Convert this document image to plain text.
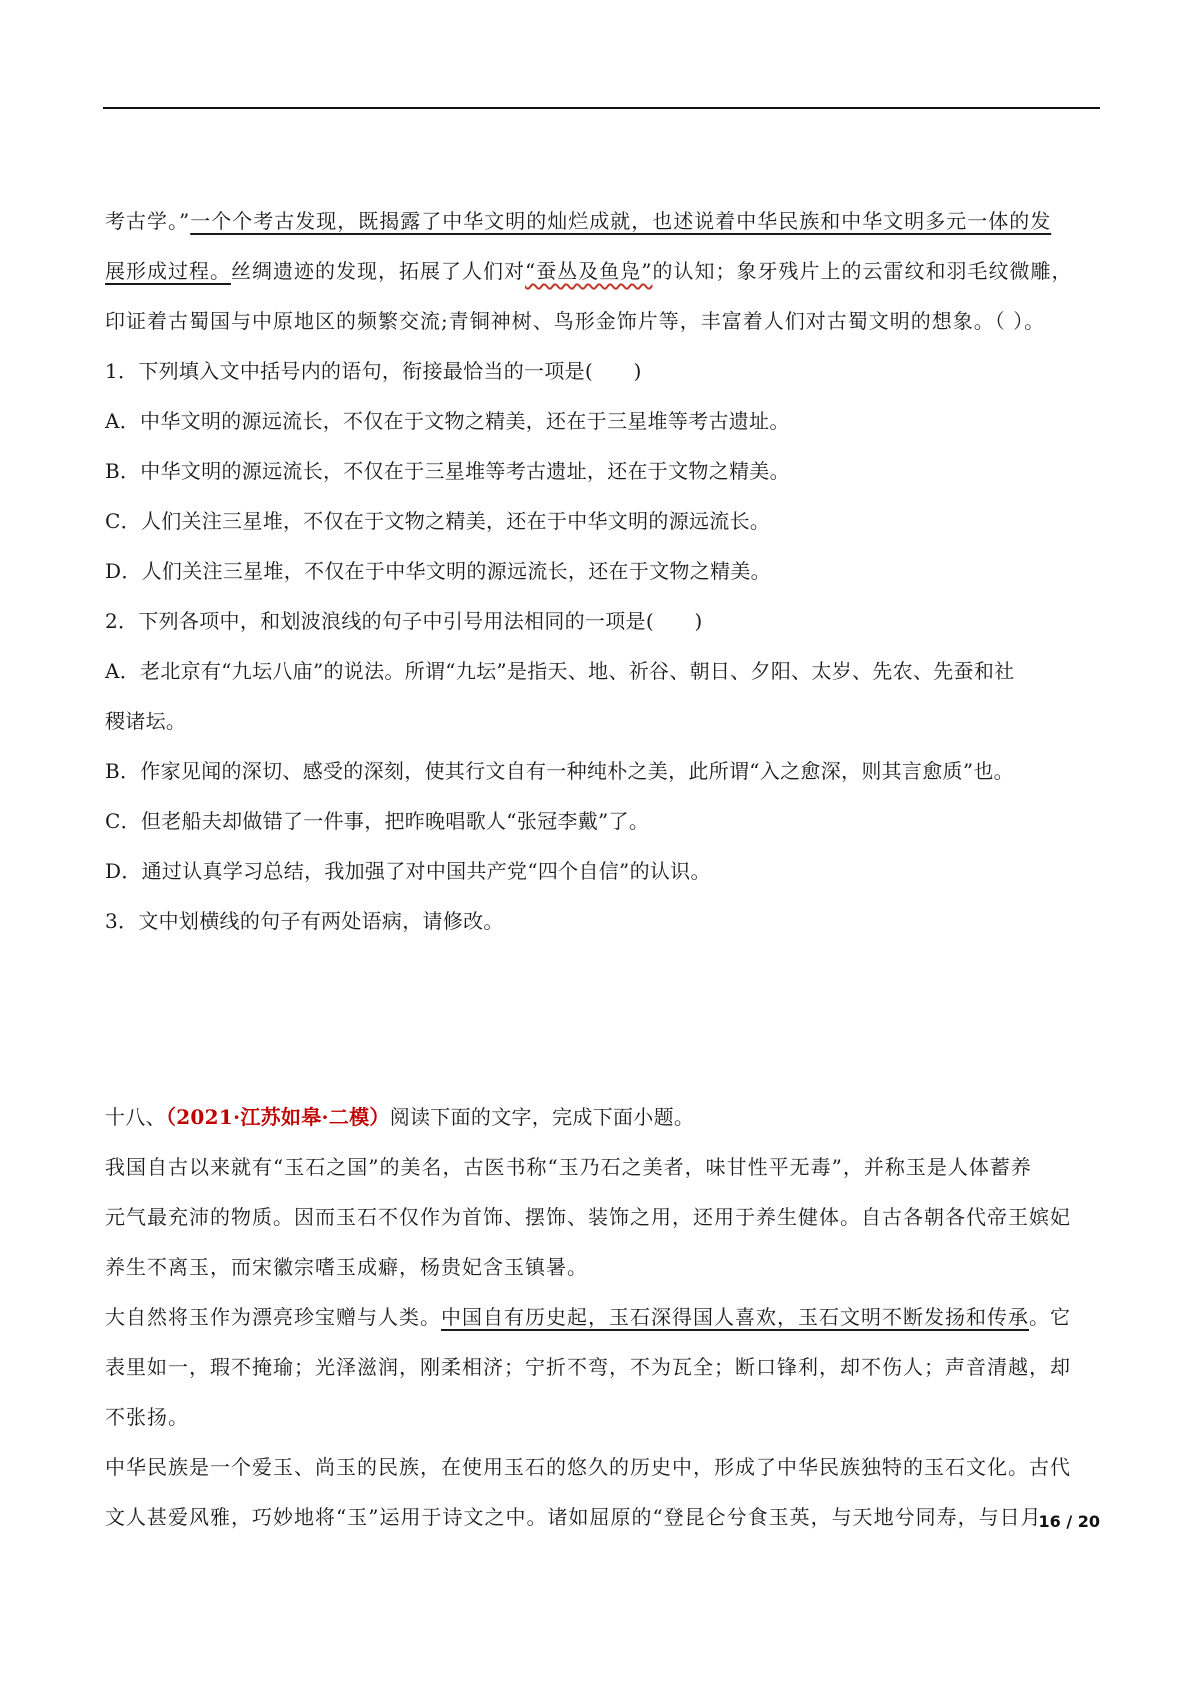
考古学。”一个个考古发现，既揭露了中华文明的灿烂成就，也述说着中华民族和中华文明多元一体的发

展形成过程。丝绸遗迹的发现，拓展了人们对“蚕丛及鱼凫”的认知；象牙残片上的云雷纹和羽毛纹微雕，

印证着古蜀国与中原地区的频繁交流;青铜神树、鸟形金饰片等，丰富着人们对古蜀文明的想象。（ ）。

1．下列填入文中括号内的语句，衔接最恰当的一项是(　　)

A．中华文明的源远流长，不仅在于文物之精美，还在于三星堆等考古遗址。

B．中华文明的源远流长，不仅在于三星堆等考古遗址，还在于文物之精美。

C．人们关注三星堆，不仅在于文物之精美，还在于中华文明的源远流长。

D．人们关注三星堆，不仅在于中华文明的源远流长，还在于文物之精美。

2．下列各项中，和划波浪线的句子中引号用法相同的一项是(　　)

A．老北京有“九坛八庙”的说法。所谓“九坛”是指天、地、祈谷、朝日、夕阳、太岁、先农、先蚕和社

稷诸坛。

B．作家见闻的深切、感受的深刻，使其行文自有一种纯朴之美，此所谓“入之愈深，则其言愈质”也。

C．但老船夫却做错了一件事，把昨晚唱歌人“张冠李戴”了。

D．通过认真学习总结，我加强了对中国共产党“四个自信”的认识。

3．文中划横线的句子有两处语病，请修改。

十八、（2021·江苏如皋·二模）阅读下面的文字，完成下面小题。

我国自古以来就有“玉石之国”的美名，古医书称“玉乃石之美者，味甘性平无毒”，并称玉是人体蓄养

元气最充沛的物质。因而玉石不仅作为首饰、摆饰、装饰之用，还用于养生健体。自古各朝各代帝王嫔妃

养生不离玉，而宋徽宗嗜玉成癖，杨贵妃含玉镇暑。

大自然将玉作为漂亮珍宝赠与人类。中国自有历史起，玉石深得国人喜欢，玉石文明不断发扬和传承。它

表里如一，瑕不掩瑜；光泽滋润，刚柔相济；宁折不弯，不为瓦全；断口锋利，却不伤人；声音清越，却

不张扬。

中华民族是一个爱玉、尚玉的民族，在使用玉石的悠久的历史中，形成了中华民族独特的玉石文化。古代

文人甚爱风雅，巧妙地将“玉”运用于诗文之中。诸如屈原的“登昆仑兮食玉英，与天地兮同寿，与日月

16 / 20
